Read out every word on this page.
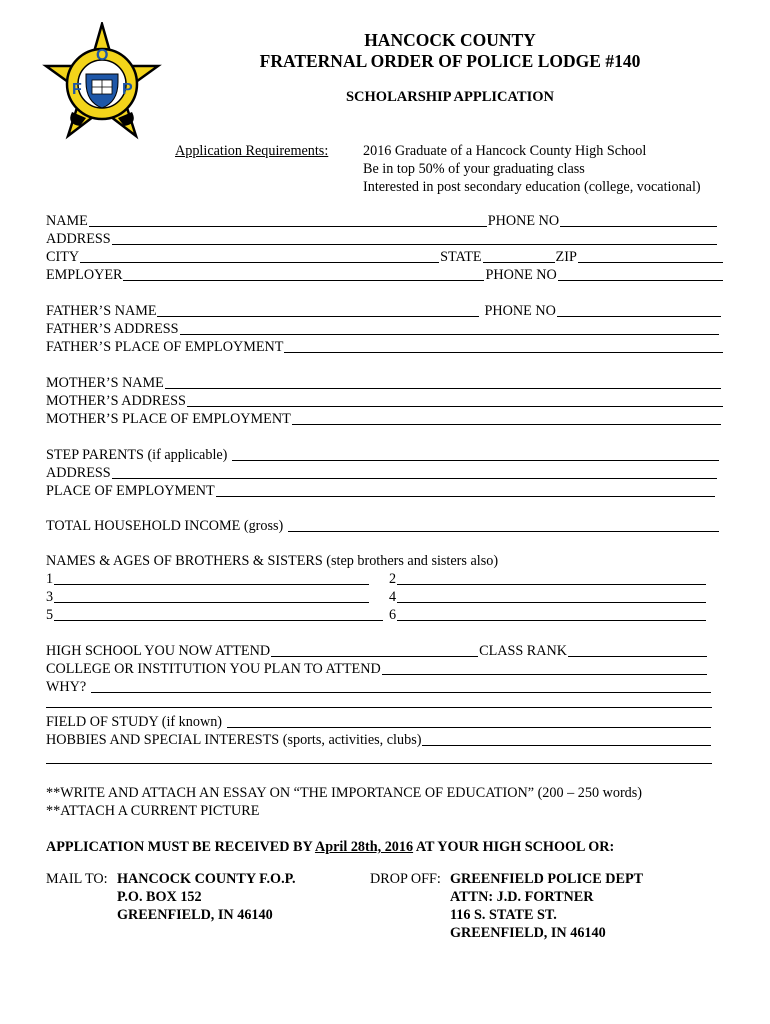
F
O
P
HANCOCK COUNTY
FRATERNAL ORDER OF POLICE LODGE #140
SCHOLARSHIP APPLICATION
Application Requirements: 2016 Graduate of a Hancock County High School
Be in top 50% of your graduating class
Interested in post secondary education (college, vocational)
NAME	PHONE NO
ADDRESS
CITY	STATE	ZIP
EMPLOYER	PHONE NO
FATHER’S NAME	PHONE NO
FATHER’S ADDRESS
FATHER’S PLACE OF EMPLOYMENT
MOTHER’S NAME
MOTHER’S ADDRESS
MOTHER’S PLACE OF EMPLOYMENT
STEP PARENTS (if applicable)
ADDRESS
PLACE OF EMPLOYMENT
TOTAL HOUSEHOLD INCOME (gross)
NAMES & AGES OF BROTHERS & SISTERS (step brothers and sisters also)
1	2
3	4
5	6
HIGH SCHOOL YOU NOW ATTEND	CLASS RANK
COLLEGE OR INSTITUTION YOU PLAN TO ATTEND
WHY?
FIELD OF STUDY (if known)
HOBBIES AND SPECIAL INTERESTS (sports, activities, clubs)
**WRITE AND ATTACH AN ESSAY ON “THE IMPORTANCE OF EDUCATION” (200 – 250 words)
**ATTACH A CURRENT PICTURE
APPLICATION MUST BE RECEIVED BY April 28th, 2016 AT YOUR HIGH SCHOOL OR:
MAIL TO: HANCOCK COUNTY F.O.P.
P.O. BOX 152
GREENFIELD, IN 46140
DROP OFF: GREENFIELD POLICE DEPT
ATTN: J.D. FORTNER
116 S. STATE ST.
GREENFIELD, IN 46140
